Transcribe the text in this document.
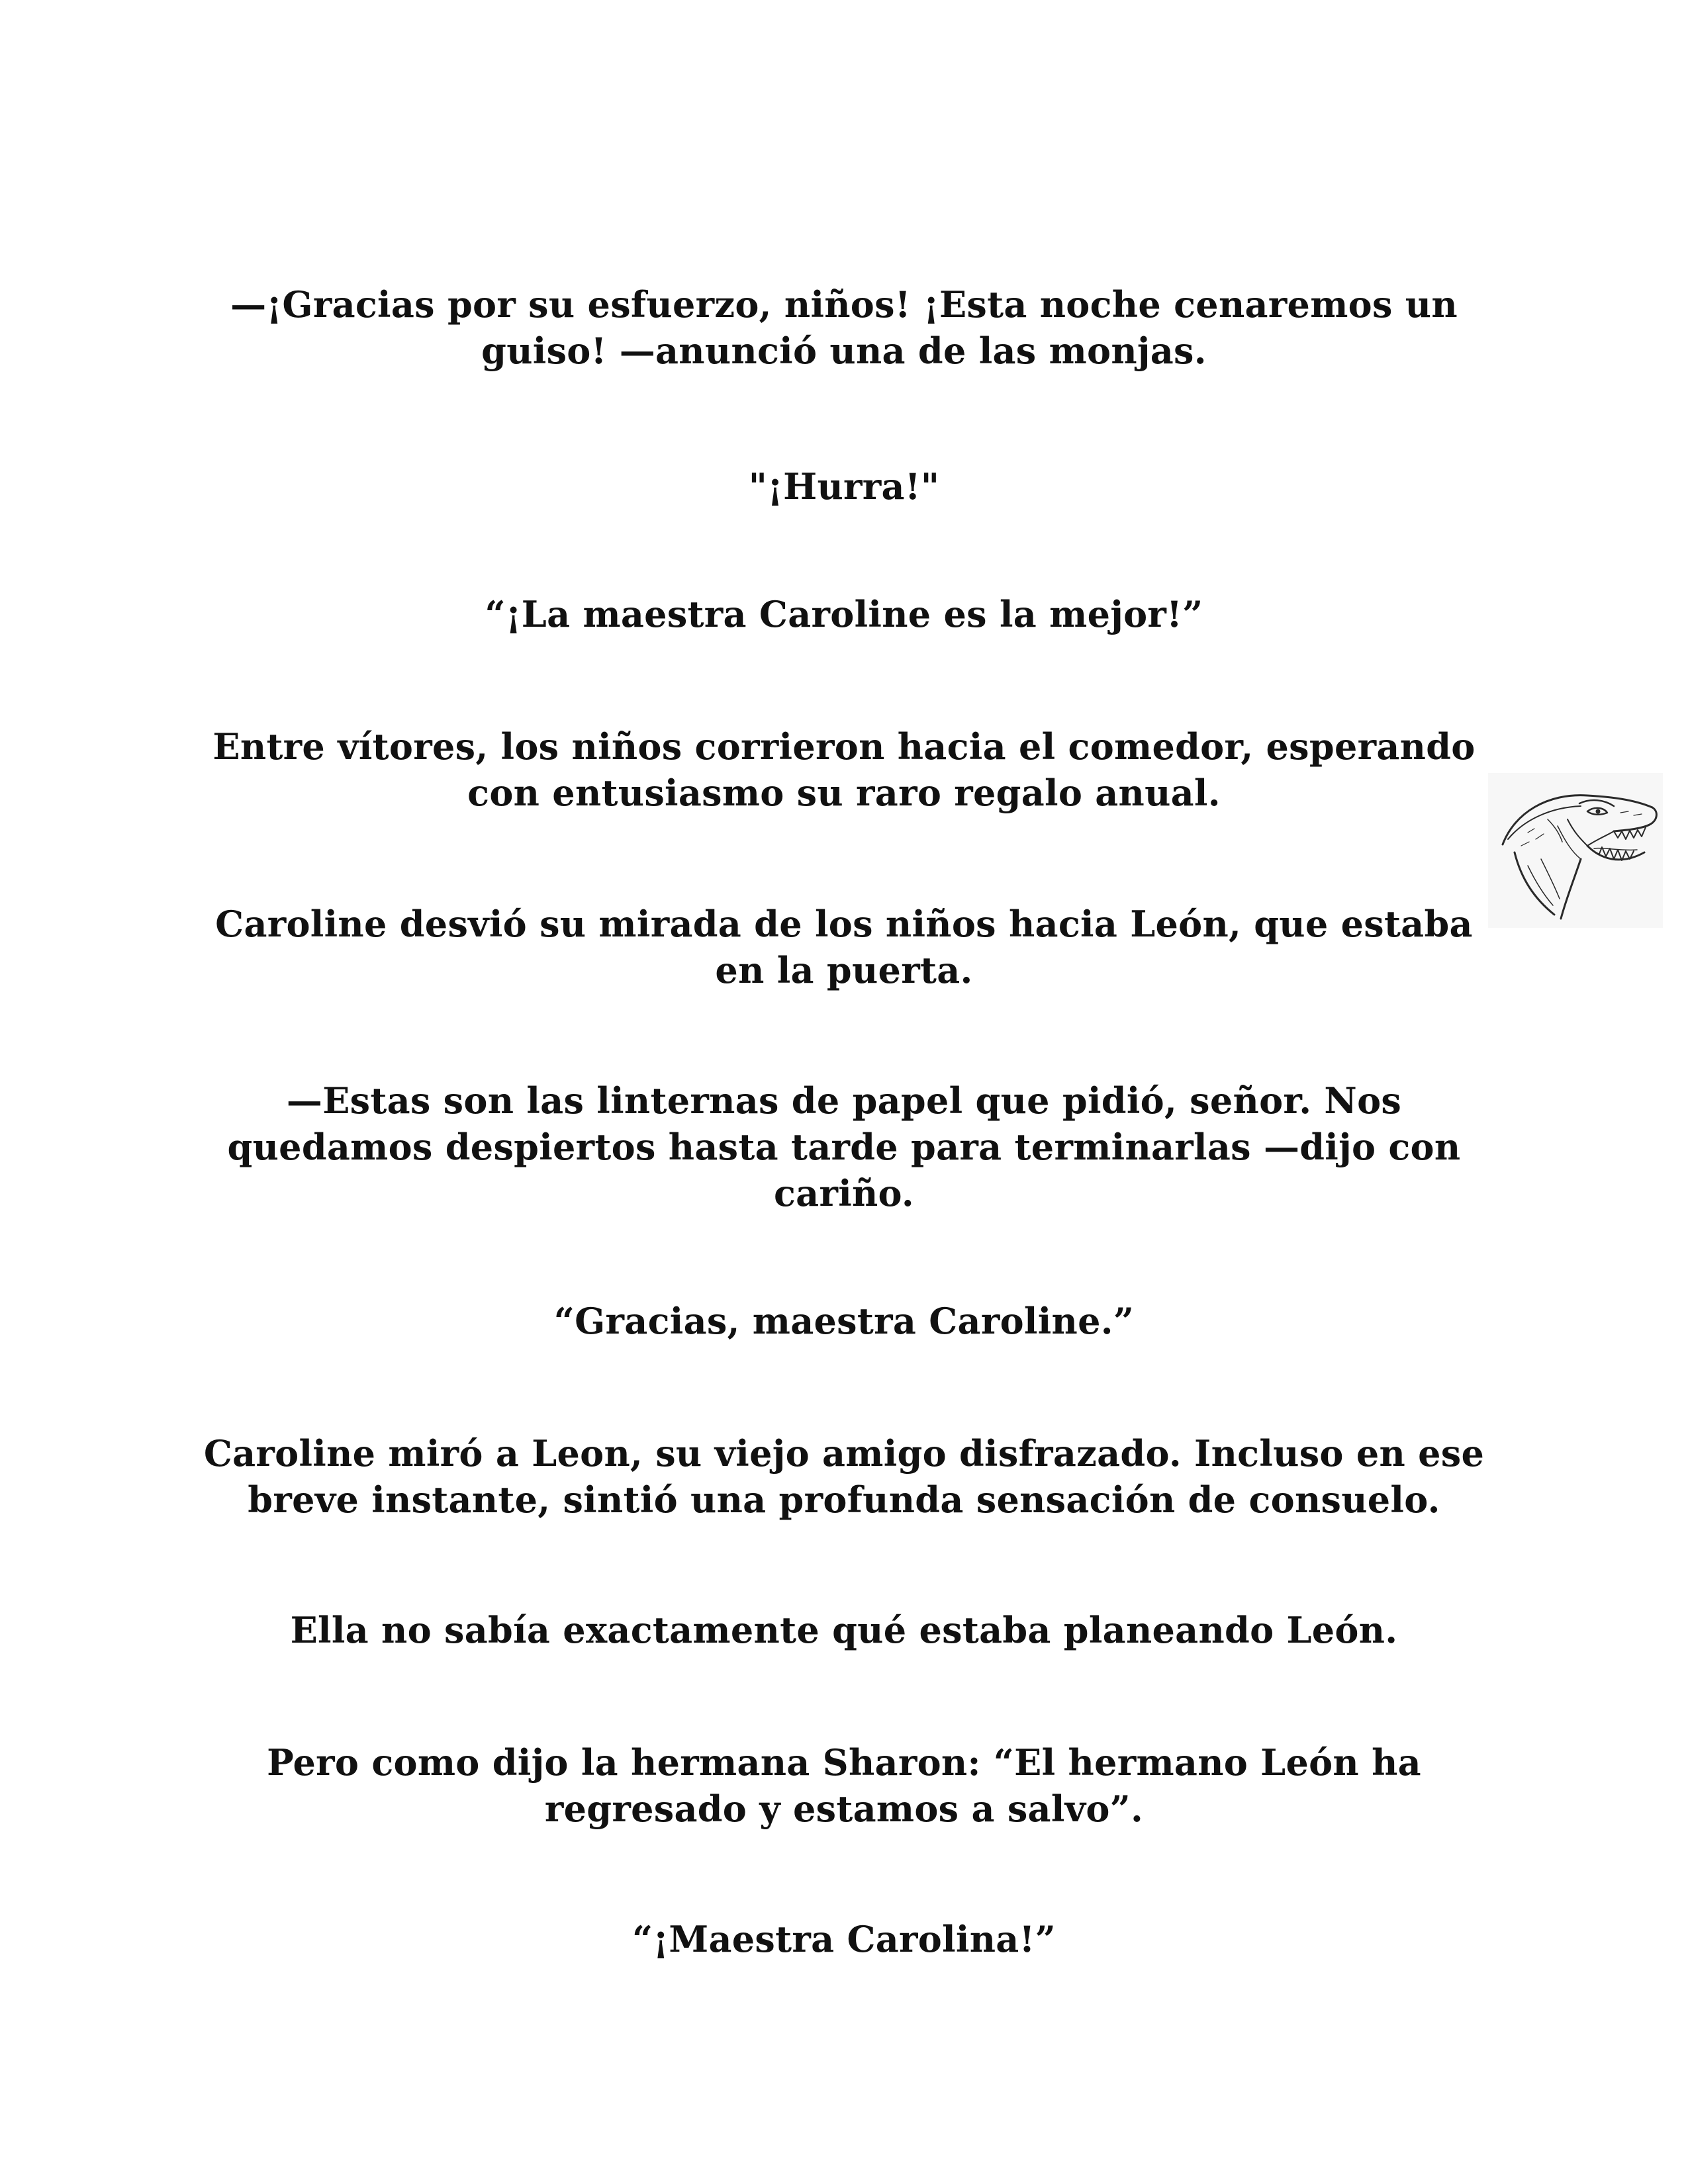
—¡Gracias por su esfuerzo, niños! ¡Esta noche cenaremos un guiso! —anunció una de las monjas.

"¡Hurra!"

“¡La maestra Caroline es la mejor!”

Entre vítores, los niños corrieron hacia el comedor, esperando con entusiasmo su raro regalo anual.

Caroline desvió su mirada de los niños hacia León, que estaba en la puerta.

—Estas son las linternas de papel que pidió, señor. Nos quedamos despiertos hasta tarde para terminarlas —dijo con cariño.

“Gracias, maestra Caroline.”

Caroline miró a Leon, su viejo amigo disfrazado. Incluso en ese breve instante, sintió una profunda sensación de consuelo.

Ella no sabía exactamente qué estaba planeando León.

Pero como dijo la hermana Sharon: “El hermano León ha regresado y estamos a salvo”.

“¡Maestra Carolina!”
